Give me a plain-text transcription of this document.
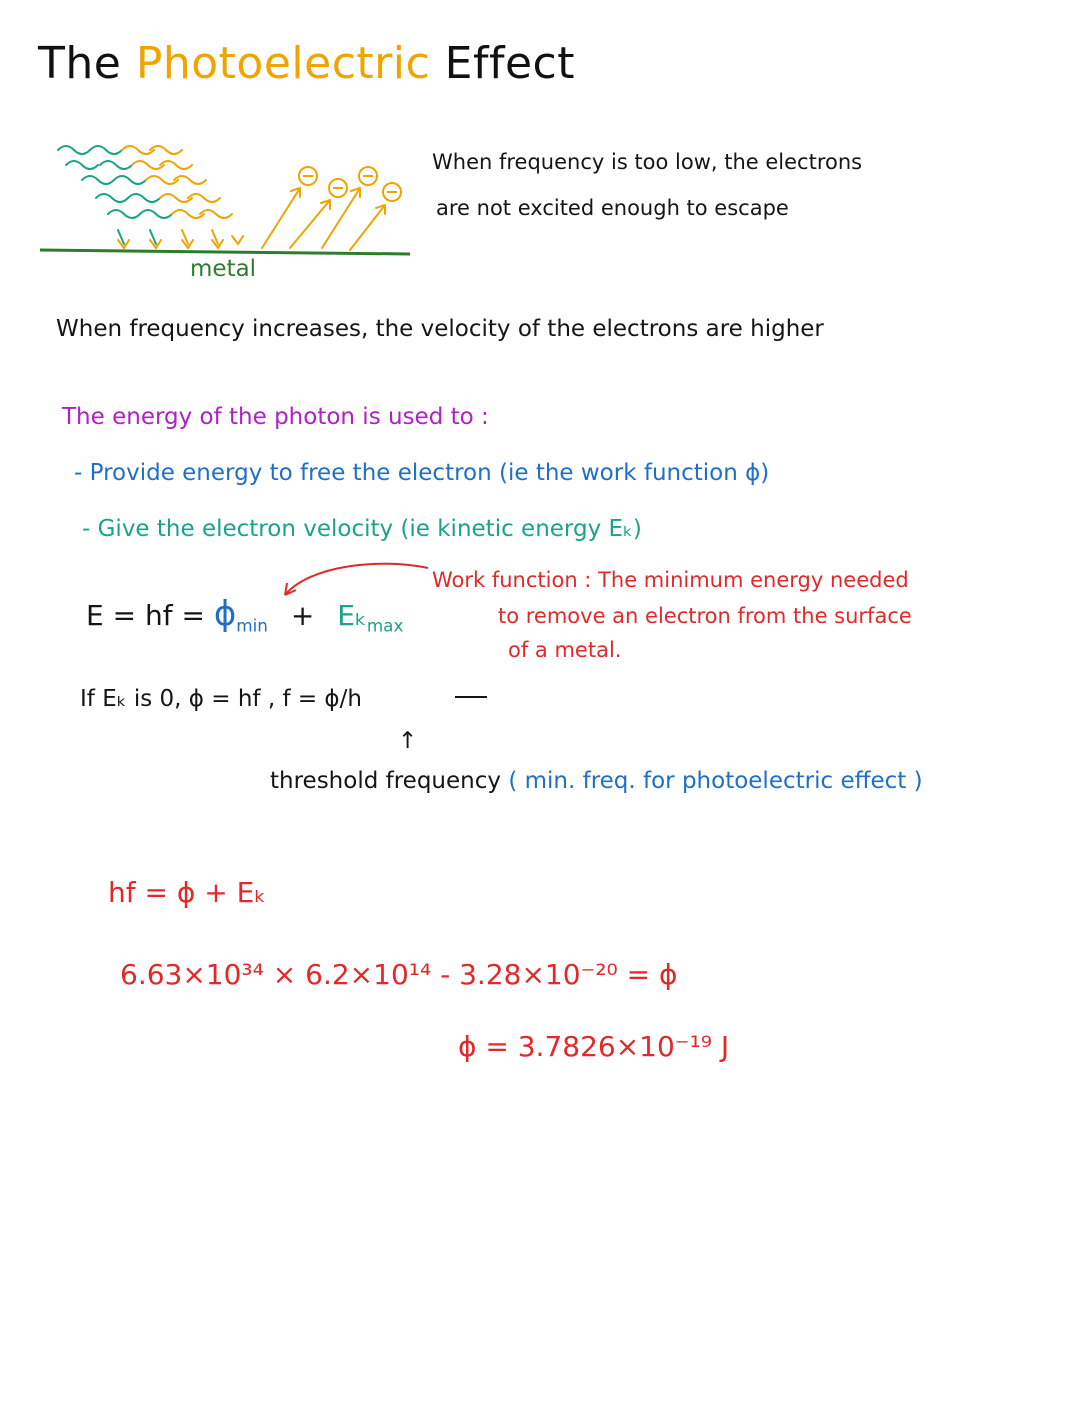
The Photoelectric Effect
metal
When frequency is too low, the electrons
are not excited enough to escape
When frequency increases, the velocity of the electrons are higher
The energy of the photon is used to :
- Provide energy to free the electron (ie the work function ϕ)
- Give the electron velocity (ie kinetic energy Eₖ)
Work function : The minimum energy needed
to remove an electron from the surface
of a metal.
E = hf = $\phi_{min} + E_k_{max}$
If Eₖ is 0, ϕ = hf , f = ϕ/h
↑
threshold frequency ( min. freq. for photoelectric effect )
hf = ϕ + Eₖ
6.63×10³⁴ × 6.2×10¹⁴ - 3.28×10⁻²⁰ = ϕ
ϕ = 3.7826×10⁻¹⁹ J
